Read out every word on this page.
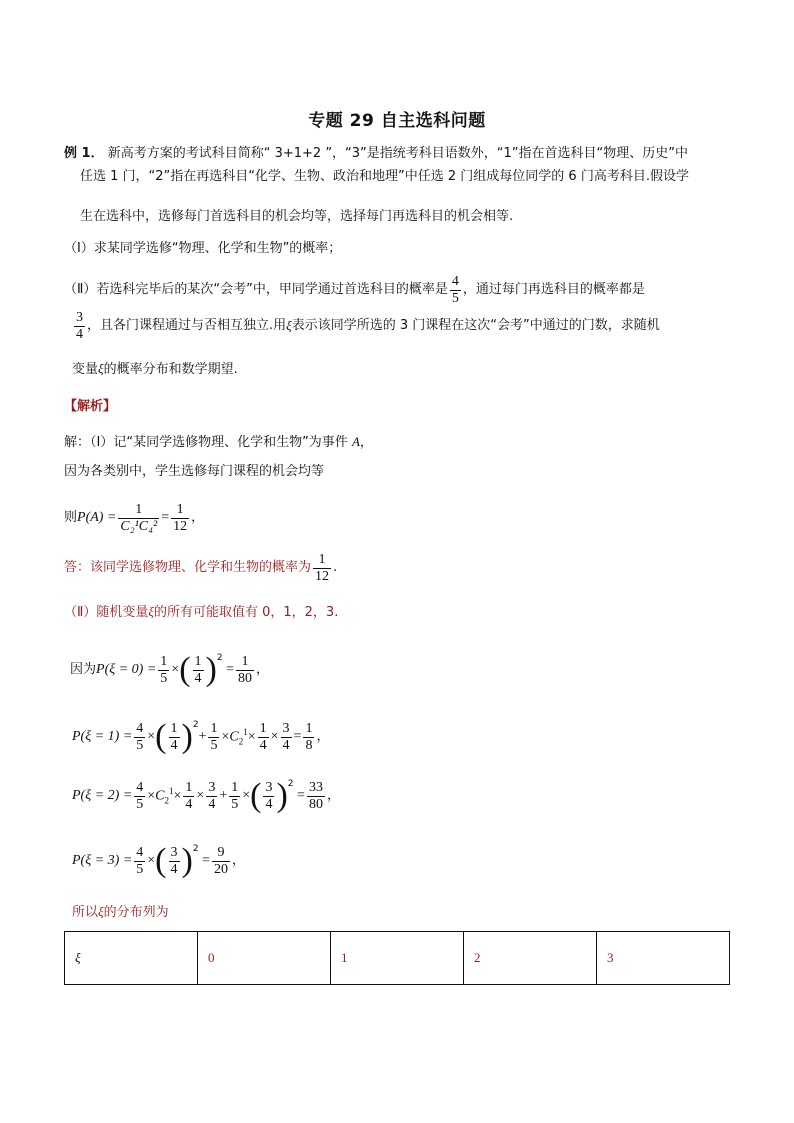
专题 29 自主选科问题
例 1． 新高考方案的考试科目简称“ 3+1+2 ”，“3”是指统考科目语数外，“1”指在首选科目“物理、历史”中
任选 1 门，“2”指在再选科目“化学、生物、政治和地理”中任选 2 门组成每位同学的 6 门高考科目.假设学
生在选科中，选修每门首选科目的机会均等，选择每门再选科目的机会相等.
（Ⅰ）求某同学选修“物理、化学和生物”的概率；
（Ⅱ）若选科完毕后的某次“会考”中，甲同学通过首选科目的概率是 $\frac{4}{5}$ ，通过每门再选科目的概率都是
$\frac{3}{4}$ ，且各门课程通过与否相互独立.用 ξ 表示该同学所选的 3 门课程在这次“会考”中通过的门数，求随机
变量ξ的概率分布和数学期望.
【解析】
解：（Ⅰ）记“某同学选修物理、化学和生物”为事件 A，
因为各类别中，学生选修每门课程的机会均等
则 $P(A) = \frac{1}{\text{C₂¹C₄²}} = \frac{1}{12}$ ，
答：该同学选修物理、化学和生物的概率为 $\frac{1}{12}$ .
（Ⅱ）随机变量ξ的所有可能取值有 0，1，2，3.
因为 $P(\xi = 0) = \frac{1}{5}$ × ( $\frac{1}{4} )^2$
= $\frac{1}{80}$ ，
$P(\xi = 1) = \frac{4}{5}$ × ( $\frac{1}{4} )^2$
+ $\frac{1}{5} \times C_2^1\times \frac{1}{4} \times \frac{3}{4} = \frac{1}{8}$ ，
$P(\xi = 2) = \frac{4}{5} \times C_2^1\times \frac{1}{4} \times \frac{3}{4} + \frac{1}{5}$ × ( $\frac{3}{4} )^2$
= $\frac{33}{80}$ ，
$P(\xi = 3) = \frac{4}{5}$ × ( $\frac{3}{4} )^2$
= $\frac{9}{20}$ ，
所以ξ的分布列为
ξ	0	1	2	3
